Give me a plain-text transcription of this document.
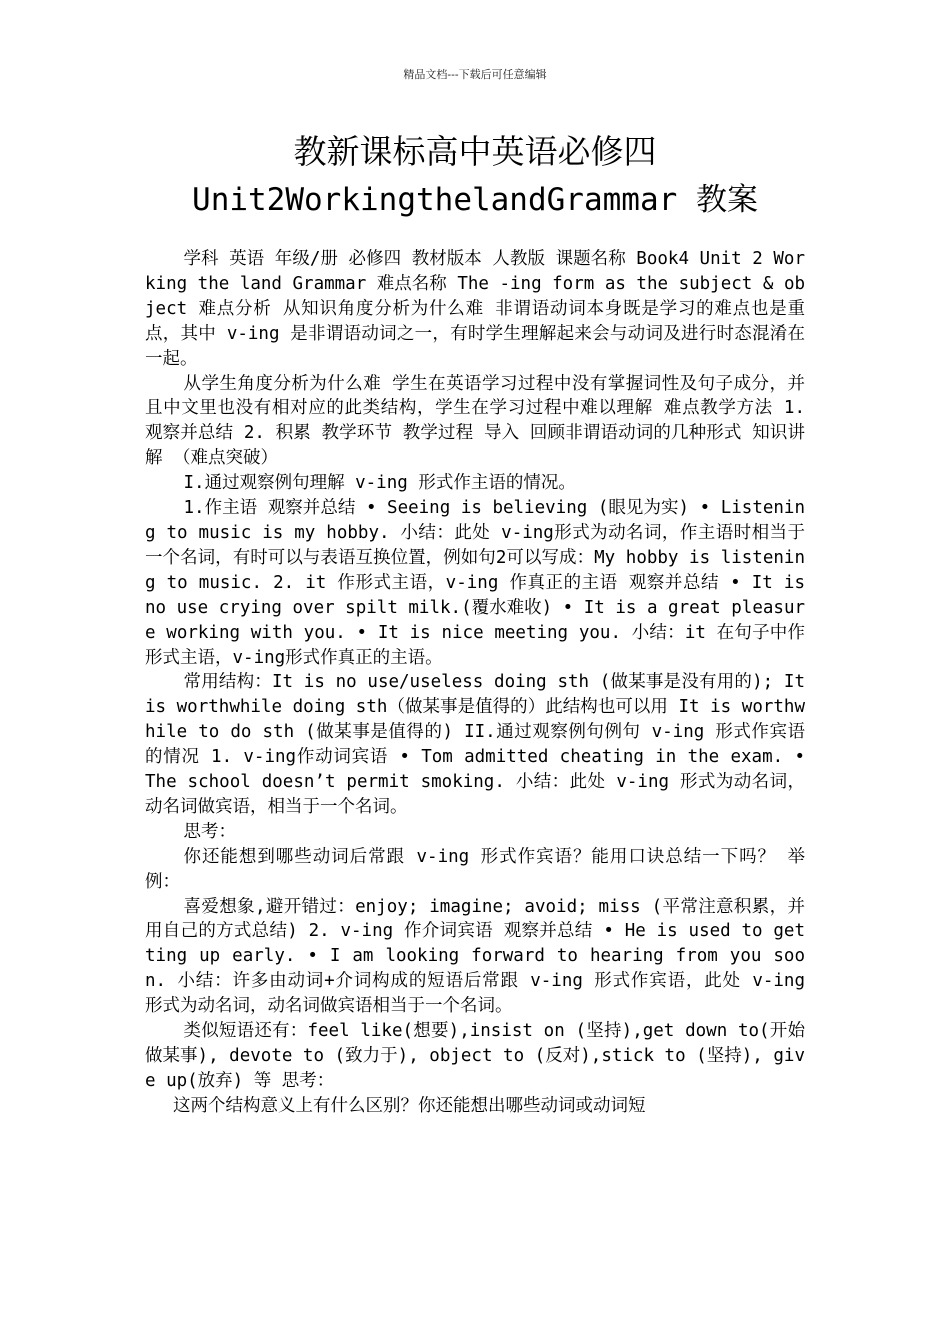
精品文档---下载后可任意编辑
教新课标高中英语必修四
Unit2WorkingthelandGrammar 教案

学科 英语 年级/册 必修四 教材版本 人教版 课题名称 Book4 Unit 2 Working the land Grammar 难点名称 The -ing form as the subject & object 难点分析 从知识角度分析为什么难 非谓语动词本身既是学习的难点也是重点，其中 v-ing 是非谓语动词之一，有时学生理解起来会与动词及进行时态混淆在一起。

从学生角度分析为什么难 学生在英语学习过程中没有掌握词性及句子成分，并且中文里也没有相对应的此类结构，学生在学习过程中难以理解 难点教学方法 1. 观察并总结 2. 积累 教学环节 教学过程 导入 回顾非谓语动词的几种形式 知识讲解 （难点突破）

I.通过观察例句理解 v-ing 形式作主语的情况。

1.作主语 观察并总结 • Seeing is believing (眼见为实) • Listening to music is my hobby. 小结：此处 v-ing形式为动名词，作主语时相当于一个名词，有时可以与表语互换位置，例如句2可以写成：My hobby is listening to music. 2. it 作形式主语，v-ing 作真正的主语 观察并总结 • It is no use crying over spilt milk.(覆水难收) • It is a great pleasure working with you. • It is nice meeting you. 小结：it 在句子中作形式主语，v-ing形式作真正的主语。

常用结构：It is no use/useless doing sth (做某事是没有用的); It is worthwhile doing sth（做某事是值得的）此结构也可以用 It is worthwhile to do sth (做某事是值得的) II.通过观察例句例句 v-ing 形式作宾语的情况 1. v-ing作动词宾语 • Tom admitted cheating in the exam. • The school doesn’t permit smoking. 小结：此处 v-ing 形式为动名词，动名词做宾语，相当于一个名词。

思考：

你还能想到哪些动词后常跟 v-ing 形式作宾语？能用口诀总结一下吗？ 举例：

喜爱想象,避开错过：enjoy; imagine; avoid; miss (平常注意积累，并用自己的方式总结) 2. v-ing 作介词宾语 观察并总结 • He is used to getting up early. • I am looking forward to hearing from you soon. 小结：许多由动词+介词构成的短语后常跟 v-ing 形式作宾语，此处 v-ing 形式为动名词，动名词做宾语相当于一个名词。

类似短语还有：feel like(想要),insist on (坚持),get down to(开始做某事), devote to (致力于), object to (反对),stick to (坚持), give up(放弃) 等 思考：

这两个结构意义上有什么区别？你还能想出哪些动词或动词短
